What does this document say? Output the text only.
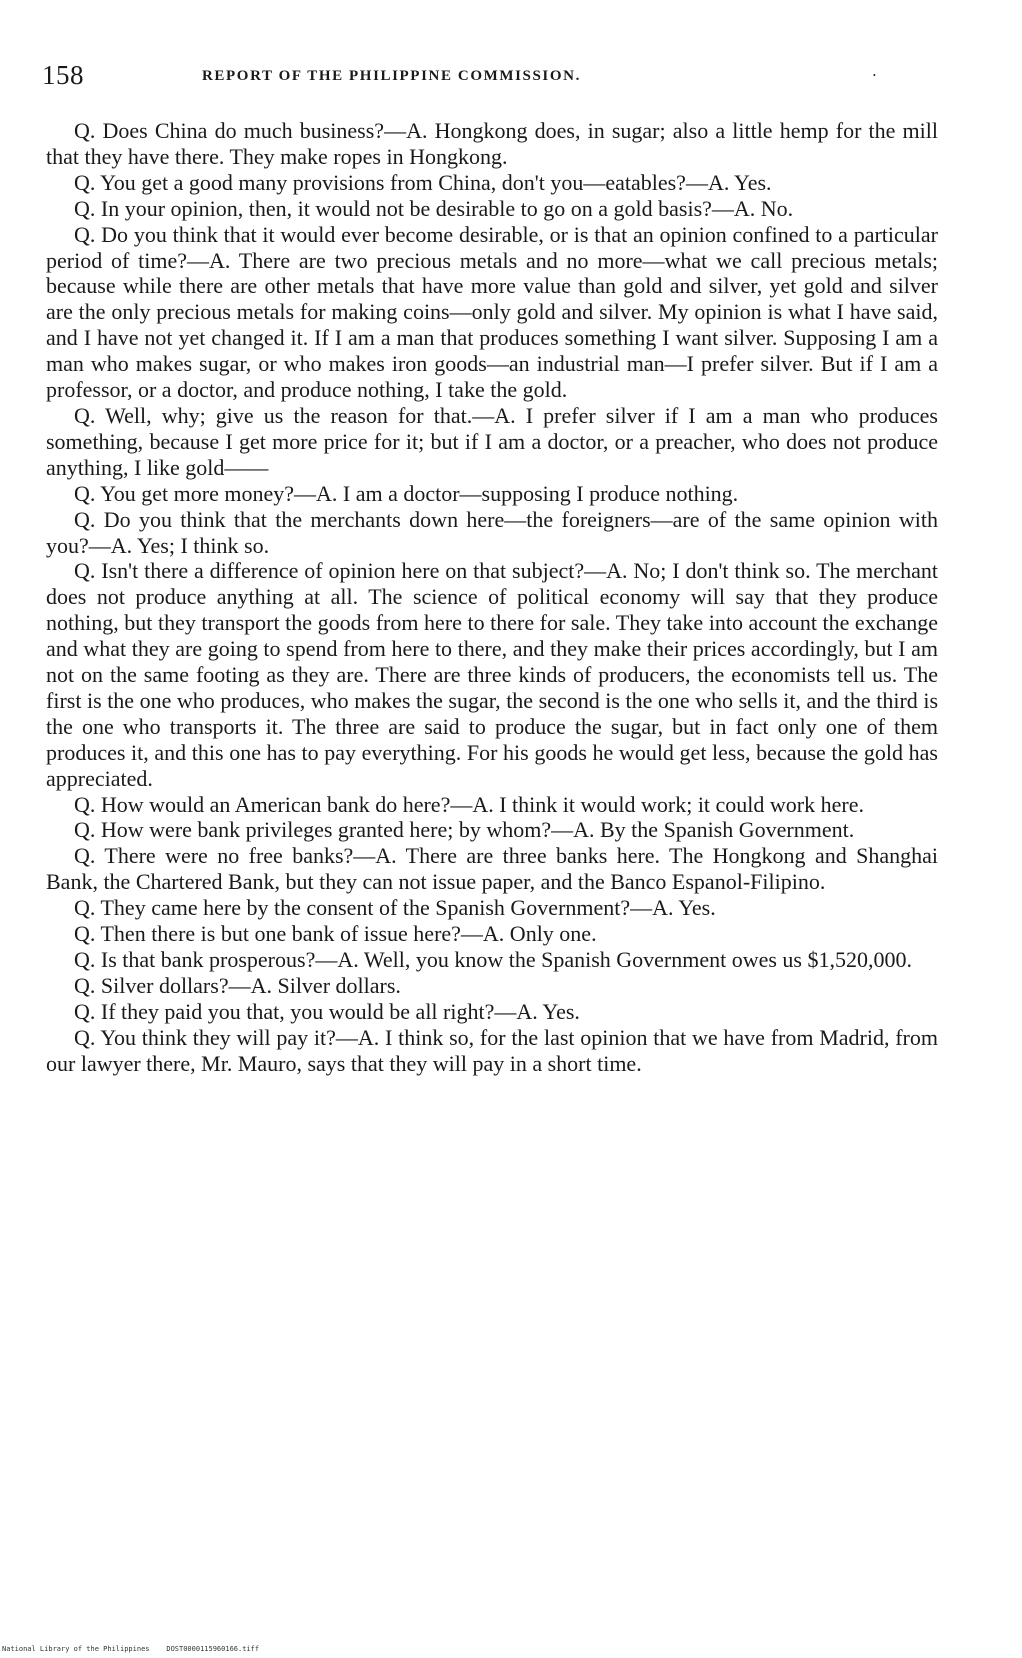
158	REPORT OF THE PHILIPPINE COMMISSION.	·

Q. Does China do much business?—A. Hongkong does, in sugar; also a little hemp for the mill that they have there. They make ropes in Hongkong.

Q. You get a good many provisions from China, don't you—eatables?—A. Yes.

Q. In your opinion, then, it would not be desirable to go on a gold basis?—A. No.

Q. Do you think that it would ever become desirable, or is that an opinion confined to a particular period of time?—A. There are two precious metals and no more—what we call precious metals; because while there are other metals that have more value than gold and silver, yet gold and silver are the only precious metals for making coins—only gold and silver. My opinion is what I have said, and I have not yet changed it. If I am a man that produces something I want silver. Supposing I am a man who makes sugar, or who makes iron goods—an industrial man—I prefer silver. But if I am a professor, or a doctor, and produce nothing, I take the gold.

Q. Well, why; give us the reason for that.—A. I prefer silver if I am a man who produces something, because I get more price for it; but if I am a doctor, or a preacher, who does not produce anything, I like gold——

Q. You get more money?—A. I am a doctor—supposing I produce nothing.

Q. Do you think that the merchants down here—the foreigners—are of the same opinion with you?—A. Yes; I think so.

Q. Isn't there a difference of opinion here on that subject?—A. No; I don't think so. The merchant does not produce anything at all. The science of political economy will say that they produce nothing, but they transport the goods from here to there for sale. They take into account the exchange and what they are going to spend from here to there, and they make their prices accordingly, but I am not on the same footing as they are. There are three kinds of producers, the economists tell us. The first is the one who produces, who makes the sugar, the second is the one who sells it, and the third is the one who transports it. The three are said to produce the sugar, but in fact only one of them produces it, and this one has to pay everything. For his goods he would get less, because the gold has appreciated.

Q. How would an American bank do here?—A. I think it would work; it could work here.

Q. How were bank privileges granted here; by whom?—A. By the Spanish Government.

Q. There were no free banks?—A. There are three banks here. The Hongkong and Shanghai Bank, the Chartered Bank, but they can not issue paper, and the Banco Espanol-Filipino.

Q. They came here by the consent of the Spanish Government?—A. Yes.

Q. Then there is but one bank of issue here?—A. Only one.

Q. Is that bank prosperous?—A. Well, you know the Spanish Government owes us $1,520,000.

Q. Silver dollars?—A. Silver dollars.

Q. If they paid you that, you would be all right?—A. Yes.

Q. You think they will pay it?—A. I think so, for the last opinion that we have from Madrid, from our lawyer there, Mr. Mauro, says that they will pay in a short time.

National Library of the Philippines    DOST0000115960166.tiff
